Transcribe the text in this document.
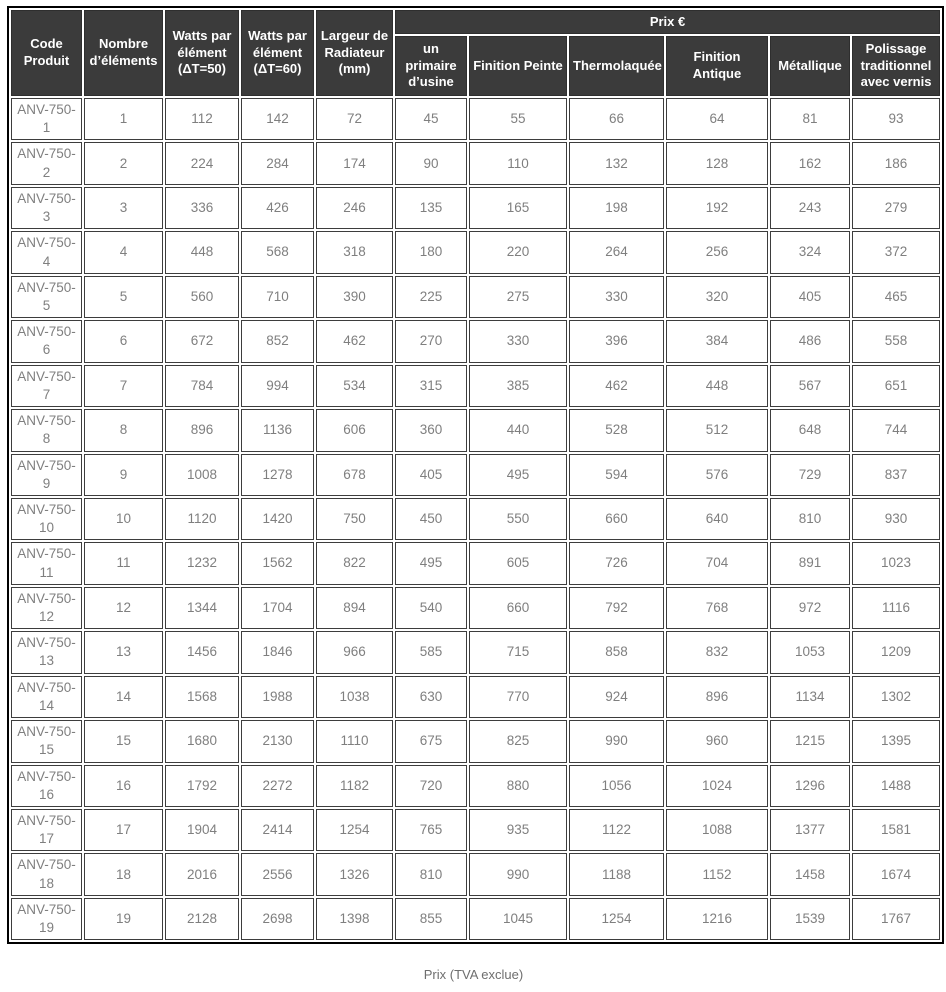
Code Produit	Nombre d’éléments	Watts par élément (ΔT=50)	Watts par élément (ΔT=60)	Largeur de Radiateur (mm)	Prix €					
					un primaire d’usine	Finition Peinte	Thermolaquée	Finition Antique	Métallique	Polissage traditionnel avec vernis
ANV-750-1	1	112	142	72	45	55	66	64	81	93
ANV-750-2	2	224	284	174	90	110	132	128	162	186
ANV-750-3	3	336	426	246	135	165	198	192	243	279
ANV-750-4	4	448	568	318	180	220	264	256	324	372
ANV-750-5	5	560	710	390	225	275	330	320	405	465
ANV-750-6	6	672	852	462	270	330	396	384	486	558
ANV-750-7	7	784	994	534	315	385	462	448	567	651
ANV-750-8	8	896	1136	606	360	440	528	512	648	744
ANV-750-9	9	1008	1278	678	405	495	594	576	729	837
ANV-750-10	10	1120	1420	750	450	550	660	640	810	930
ANV-750-11	11	1232	1562	822	495	605	726	704	891	1023
ANV-750-12	12	1344	1704	894	540	660	792	768	972	1116
ANV-750-13	13	1456	1846	966	585	715	858	832	1053	1209
ANV-750-14	14	1568	1988	1038	630	770	924	896	1134	1302
ANV-750-15	15	1680	2130	1110	675	825	990	960	1215	1395
ANV-750-16	16	1792	2272	1182	720	880	1056	1024	1296	1488
ANV-750-17	17	1904	2414	1254	765	935	1122	1088	1377	1581
ANV-750-18	18	2016	2556	1326	810	990	1188	1152	1458	1674
ANV-750-19	19	2128	2698	1398	855	1045	1254	1216	1539	1767
Prix (TVA exclue)
